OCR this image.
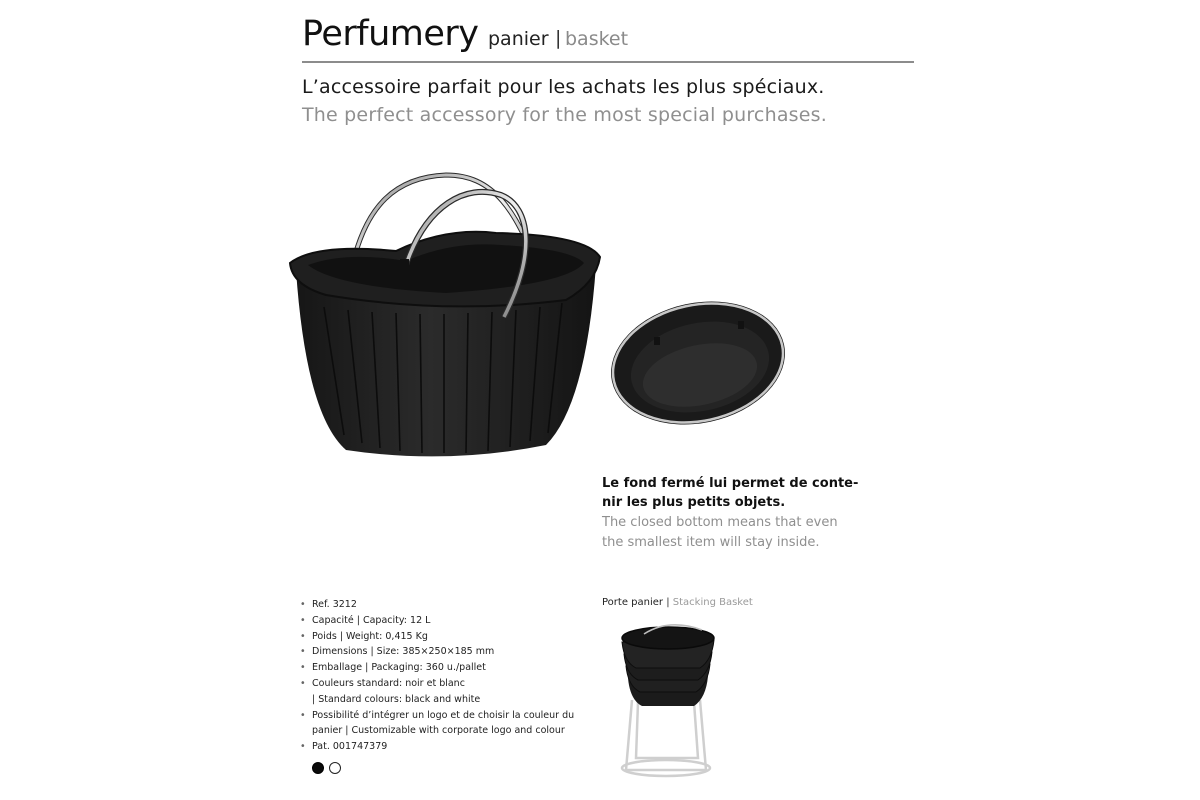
Perfumery panier | basket
L’accessoire parfait pour les achats les plus spéciaux.
The perfect accessory for the most special purchases.
Le fond fermé lui permet de conte-
nir les plus petits objets.
The closed bottom means that even
the smallest item will stay inside.
• Ref. 3212
• Capacité | Capacity: 12 L
• Poids | Weight: 0,415 Kg
• Dimensions | Size: 385×250×185 mm
• Emballage | Packaging: 360 u./pallet
• Couleurs standard: noir et blanc
| Standard colours: black and white
• Possibilité d’intégrer un logo et de choisir la couleur du
panier | Customizable with corporate logo and colour
• Pat. 001747379
Porte panier | Stacking Basket
